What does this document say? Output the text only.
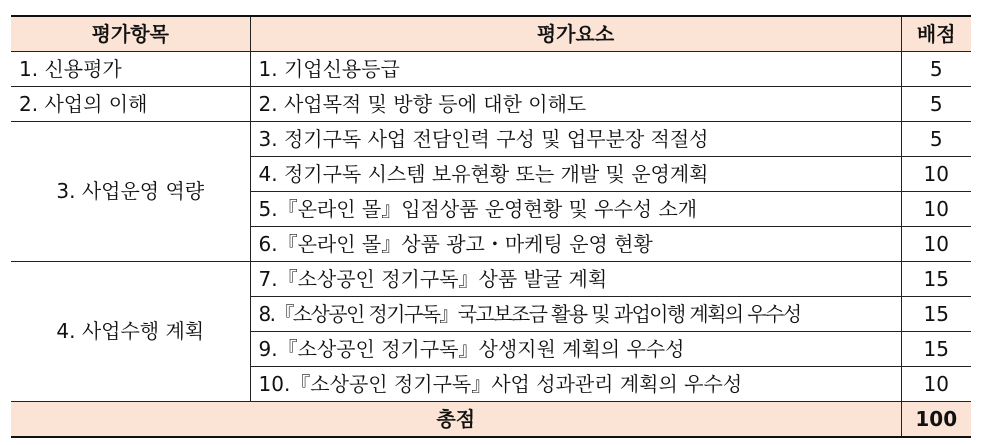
평가항목	평가요소	배점
1. 신용평가	1. 기업신용등급	5
2. 사업의 이해	2. 사업목적 및 방향 등에 대한 이해도	5
3. 사업운영 역량	3. 정기구독 사업 전담인력 구성 및 업무분장 적절성	5
	4. 정기구독 시스템 보유현황 또는 개발 및 운영계획	10
	5.『온라인 몰』입점상품 운영현황 및 우수성 소개	10
	6.『온라인 몰』상품 광고・마케팅 운영 현황	10
4. 사업수행 계획	7.『소상공인 정기구독』상품 발굴 계획	15
	8.『소상공인 정기구독』국고보조금 활용 및 과업이행 계획의 우수성	15
	9.『소상공인 정기구독』상생지원 계획의 우수성	15
	10.『소상공인 정기구독』사업 성과관리 계획의 우수성	10
총점		100
